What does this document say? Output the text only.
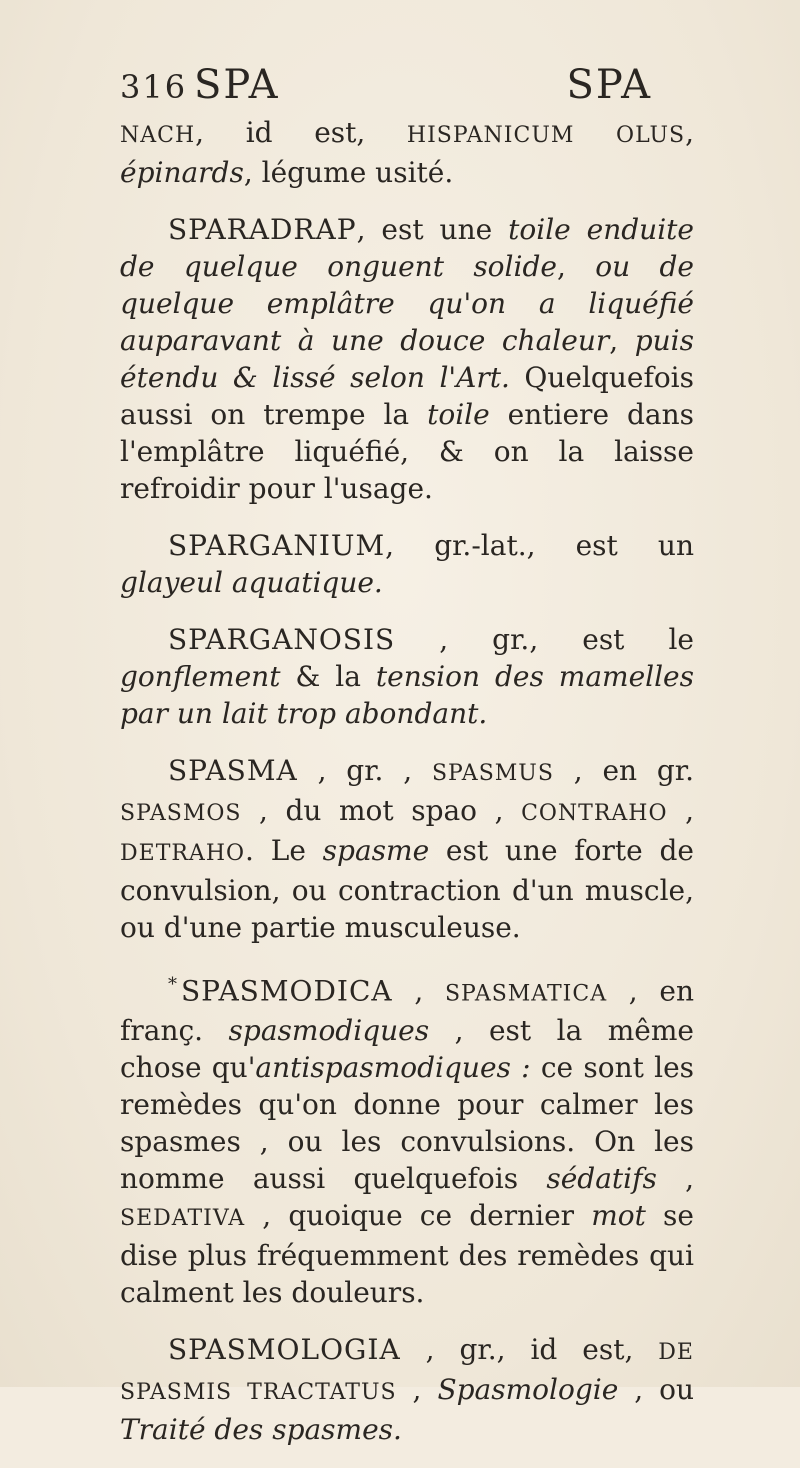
316 SPA	SPA

NACH, id est, HISPANICUM OLUS, épinards, légume usité.

SPARADRAP, est une toile enduite de quelque onguent solide, ou de quelque emplâtre qu'on a liquéfié auparavant à une douce chaleur, puis étendu & lissé selon l'Art. Quelquefois aussi on trempe la toile entiere dans l'emplâtre liquéfié, & on la laisse refroidir pour l'usage.

SPARGANIUM, gr.-lat., est un glayeul aquatique.

SPARGANOSIS , gr., est le gonflement & la tension des mamelles par un lait trop abondant.

SPASMA , gr. , SPASMUS , en gr. SPASMOS , du mot spao , CONTRAHO , DETRAHO. Le spasme est une forte de convulsion, ou contraction d'un muscle, ou d'une partie musculeuse.

* SPASMODICA , SPASMATICA , en franç. spasmodiques , est la même chose qu'antispasmodiques : ce sont les remèdes qu'on donne pour calmer les spasmes , ou les convulsions. On les nomme aussi quelquefois sédatifs , SEDATIVA , quoique ce dernier mot se dise plus fréquemment des remèdes qui calment les douleurs.

SPASMOLOGIA , gr., id est, DE SPASMIS TRACTATUS , Spasmologie , ou Traité des spasmes.
